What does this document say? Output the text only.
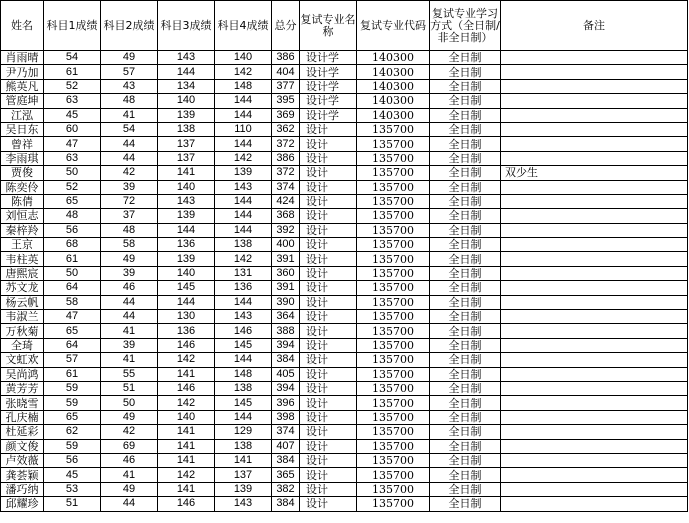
姓名	科目1成绩	科目2成绩	科目3成绩	科目4成绩	总分	复试专业名称	复试专业代码	复试专业学习方式（全日制/非全日制）	备注
肖雨晴	54	49	143	140	386	设计学	140300	全日制	
尹乃加	61	57	144	142	404	设计学	140300	全日制	
熊英凡	52	43	134	148	377	设计学	140300	全日制	
管庭坤	63	48	140	144	395	设计学	140300	全日制	
江泓	45	41	139	144	369	设计学	140300	全日制	
吴日东	60	54	138	110	362	设计	135700	全日制	
曾祥	47	44	137	144	372	设计	135700	全日制	
李雨琪	63	44	137	142	386	设计	135700	全日制	
贾俊	50	42	141	139	372	设计	135700	全日制	双少生
陈奕伶	52	39	140	143	374	设计	135700	全日制	
陈倩	65	72	143	144	424	设计	135700	全日制	
刘恒志	48	37	139	144	368	设计	135700	全日制	
秦梓羚	56	48	144	144	392	设计	135700	全日制	
王京	68	58	136	138	400	设计	135700	全日制	
韦柱英	61	49	139	142	391	设计	135700	全日制	
唐熙宸	50	39	140	131	360	设计	135700	全日制	
苏文龙	64	46	145	136	391	设计	135700	全日制	
杨云帆	58	44	144	144	390	设计	135700	全日制	
韦淑兰	47	44	130	143	364	设计	135700	全日制	
万秋菊	65	41	136	146	388	设计	135700	全日制	
全琦	64	39	146	145	394	设计	135700	全日制	
文虹欢	57	41	142	144	384	设计	135700	全日制	
吴尚鸿	61	55	141	148	405	设计	135700	全日制	
黄芳芳	59	51	146	138	394	设计	135700	全日制	
张晓雪	59	50	142	145	396	设计	135700	全日制	
孔庆楠	65	49	140	144	398	设计	135700	全日制	
杜延彩	62	42	141	129	374	设计	135700	全日制	
颜文俊	59	69	141	138	407	设计	135700	全日制	
卢效薇	56	46	141	141	384	设计	135700	全日制	
龚荟颖	45	41	142	137	365	设计	135700	全日制	
潘巧纳	53	49	141	139	382	设计	135700	全日制	
邱耀珍	51	44	146	143	384	设计	135700	全日制	
